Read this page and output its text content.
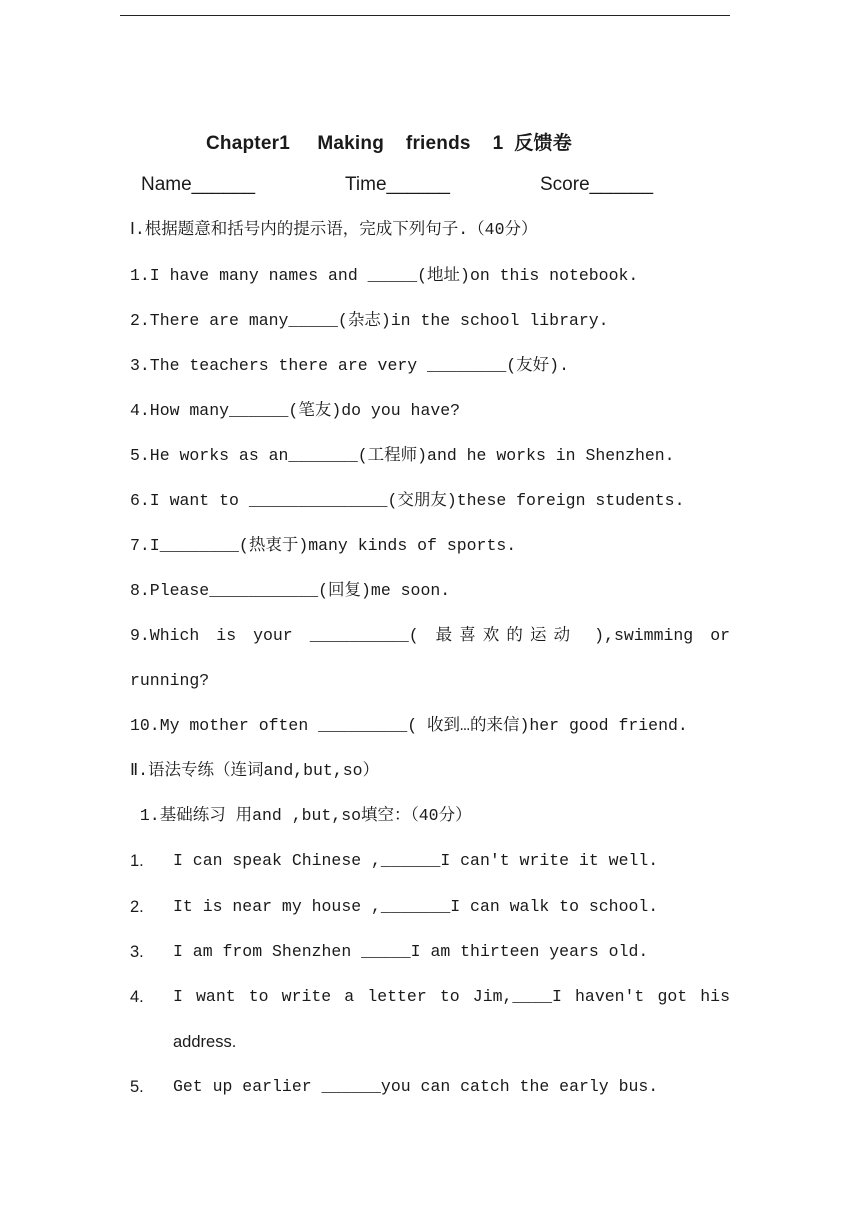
Chapter1     Making    friends    1  反馈卷
Name______	Time______	Score______
Ⅰ.根据题意和括号内的提示语，完成下列句子.（40分）
1.I have many names and _____(地址)on this notebook.
2.There are many_____(杂志)in the school library.
3.The teachers there are very ________(友好).
4.How many______(笔友)do you have?
5.He works as an_______(工程师)and he works in Shenzhen.
6.I want to ______________(交朋友)these foreign students.
7.I________(热衷于)many kinds of sports.
8.Please___________(回复)me soon.
9.Which is your __________( 最喜欢的运动 ),swimming or
running?
10.My mother often _________( 收到…的来信)her good friend.
Ⅱ.语法专练（连词and,but,so）
1.基础练习 用and ,but,so填空：（40分）
1. I can speak Chinese ,______I can't write it well.
2. It is near my house ,_______I can walk to school.
3. I am from Shenzhen _____I am thirteen years old.
4. I want to write a letter to Jim,____I haven't got his
address.
5. Get up earlier ______you can catch the early bus.
